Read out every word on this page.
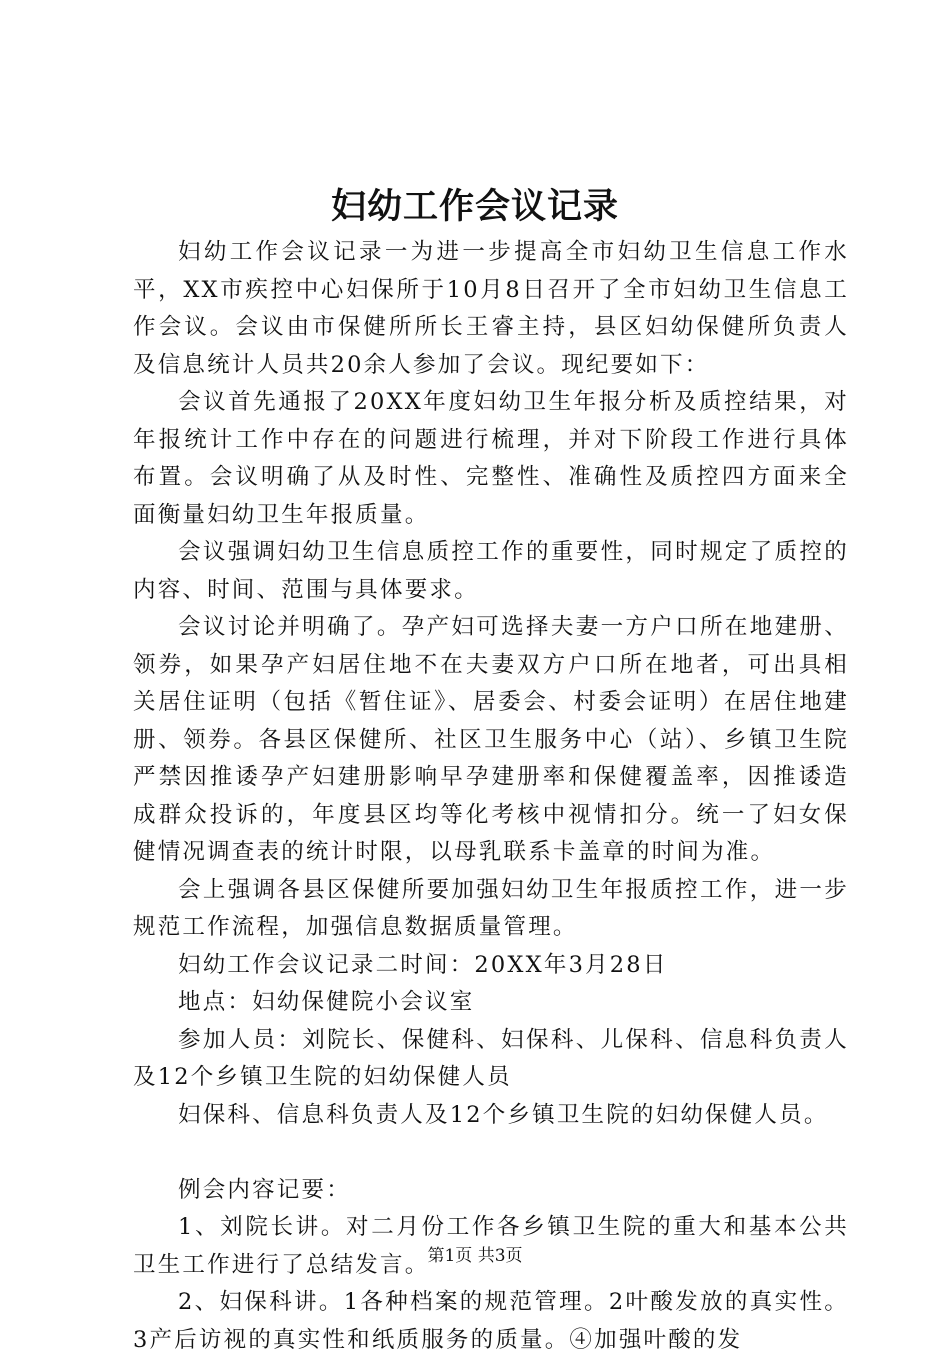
妇幼工作会议记录

妇幼工作会议记录一为进一步提高全市妇幼卫生信息工作水平，XX市疾控中心妇保所于10月8日召开了全市妇幼卫生信息工作会议。会议由市保健所所长王睿主持，县区妇幼保健所负责人及信息统计人员共20余人参加了会议。现纪要如下：

会议首先通报了20XX年度妇幼卫生年报分析及质控结果，对年报统计工作中存在的问题进行梳理，并对下阶段工作进行具体布置。会议明确了从及时性、完整性、准确性及质控四方面来全面衡量妇幼卫生年报质量。

会议强调妇幼卫生信息质控工作的重要性，同时规定了质控的内容、时间、范围与具体要求。

会议讨论并明确了。孕产妇可选择夫妻一方户口所在地建册、领券，如果孕产妇居住地不在夫妻双方户口所在地者，可出具相关居住证明（包括《暂住证》、居委会、村委会证明）在居住地建册、领券。各县区保健所、社区卫生服务中心（站）、乡镇卫生院严禁因推诿孕产妇建册影响早孕建册率和保健覆盖率，因推诿造成群众投诉的，年度县区均等化考核中视情扣分。统一了妇女保健情况调查表的统计时限，以母乳联系卡盖章的时间为准。

会上强调各县区保健所要加强妇幼卫生年报质控工作，进一步规范工作流程，加强信息数据质量管理。

妇幼工作会议记录二时间：20XX年3月28日

地点：妇幼保健院小会议室

参加人员：刘院长、保健科、妇保科、儿保科、信息科负责人及12个乡镇卫生院的妇幼保健人员

妇保科、信息科负责人及12个乡镇卫生院的妇幼保健人员。

例会内容记要：

1、刘院长讲。对二月份工作各乡镇卫生院的重大和基本公共卫生工作进行了总结发言。

2、妇保科讲。1各种档案的规范管理。2叶酸发放的真实性。3产后访视的真实性和纸质服务的质量。④加强叶酸的发

第1页 共3页
